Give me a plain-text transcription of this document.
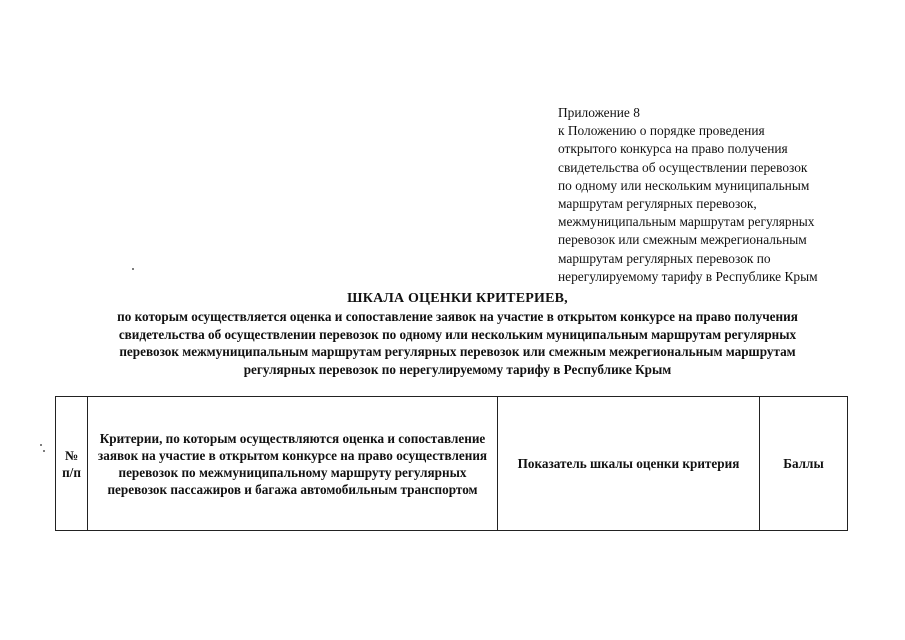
Приложение 8
к Положению о порядке проведения
открытого конкурса на право получения
свидетельства об осуществлении перевозок
по одному или нескольким муниципальным
маршрутам регулярных перевозок,
межмуниципальным маршрутам регулярных
перевозок или смежным межрегиональным
маршрутам регулярных перевозок по
нерегулируемому тарифу в Республике Крым
ШКАЛА ОЦЕНКИ КРИТЕРИЕВ,
по которым осуществляется оценка и сопоставление заявок на участие в открытом конкурсе на право получения
свидетельства об осуществлении перевозок по одному или нескольким муниципальным маршрутам регулярных
перевозок межмуниципальным маршрутам регулярных перевозок или смежным межрегиональным маршрутам
регулярных перевозок по нерегулируемому тарифу в Республике Крым
№ п/п	Критерии, по которым осуществляются оценка и сопоставление заявок на участие в открытом конкурсе на право осуществления перевозок по межмуниципальному маршруту регулярных перевозок пассажиров и багажа автомобильным транспортом	Показатель шкалы оценки критерия	Баллы
